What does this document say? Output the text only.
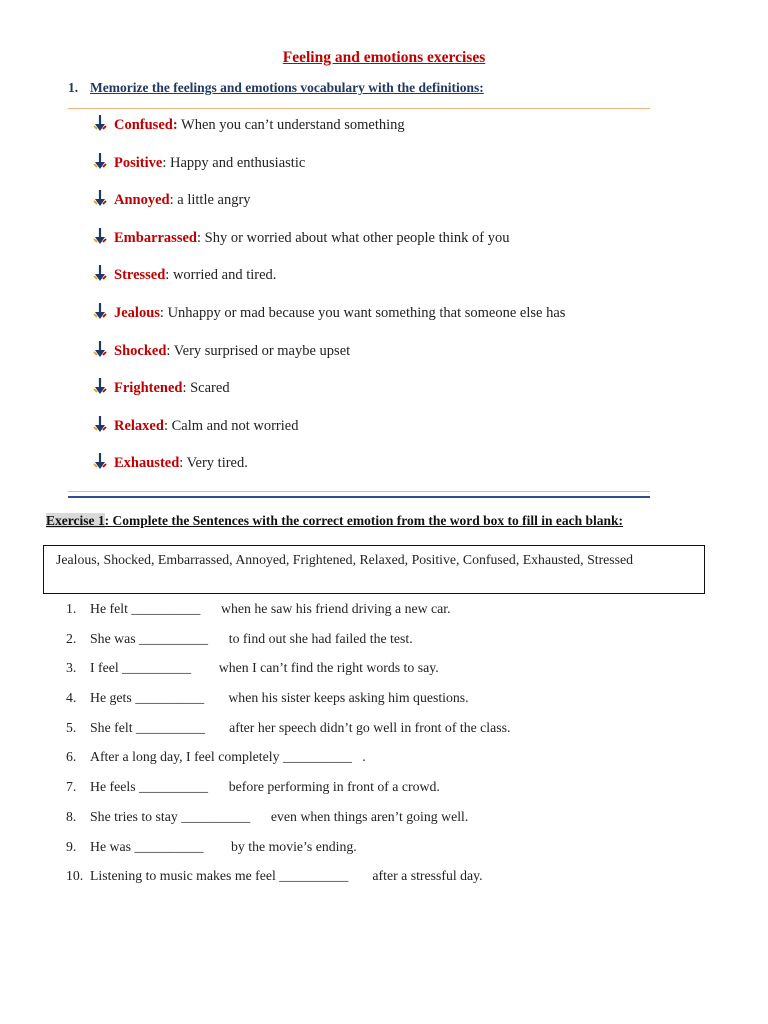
Feeling and emotions exercises
1. Memorize the feelings and emotions vocabulary with the definitions:
Confused: When you can’t understand something
Positive: Happy and enthusiastic
Annoyed: a little angry
Embarrassed: Shy or worried about what other people think of you
Stressed: worried and tired.
Jealous: Unhappy or mad because you want something that someone else has
Shocked: Very surprised or maybe upset
Frightened: Scared
Relaxed: Calm and not worried
Exhausted: Very tired.
Exercise 1: Complete the Sentences with the correct emotion from the word box to fill in each blank:
Jealous, Shocked, Embarrassed, Annoyed, Frightened, Relaxed, Positive, Confused, Exhausted, Stressed
1. He felt __________      when he saw his friend driving a new car.
2. She was __________      to find out she had failed the test.
3. I feel __________        when I can’t find the right words to say.
4. He gets __________       when his sister keeps asking him questions.
5. She felt __________       after her speech didn’t go well in front of the class.
6. After a long day, I feel completely __________   .
7. He feels __________      before performing in front of a crowd.
8. She tries to stay __________      even when things aren’t going well.
9. He was __________        by the movie’s ending.
10. Listening to music makes me feel __________       after a stressful day.
